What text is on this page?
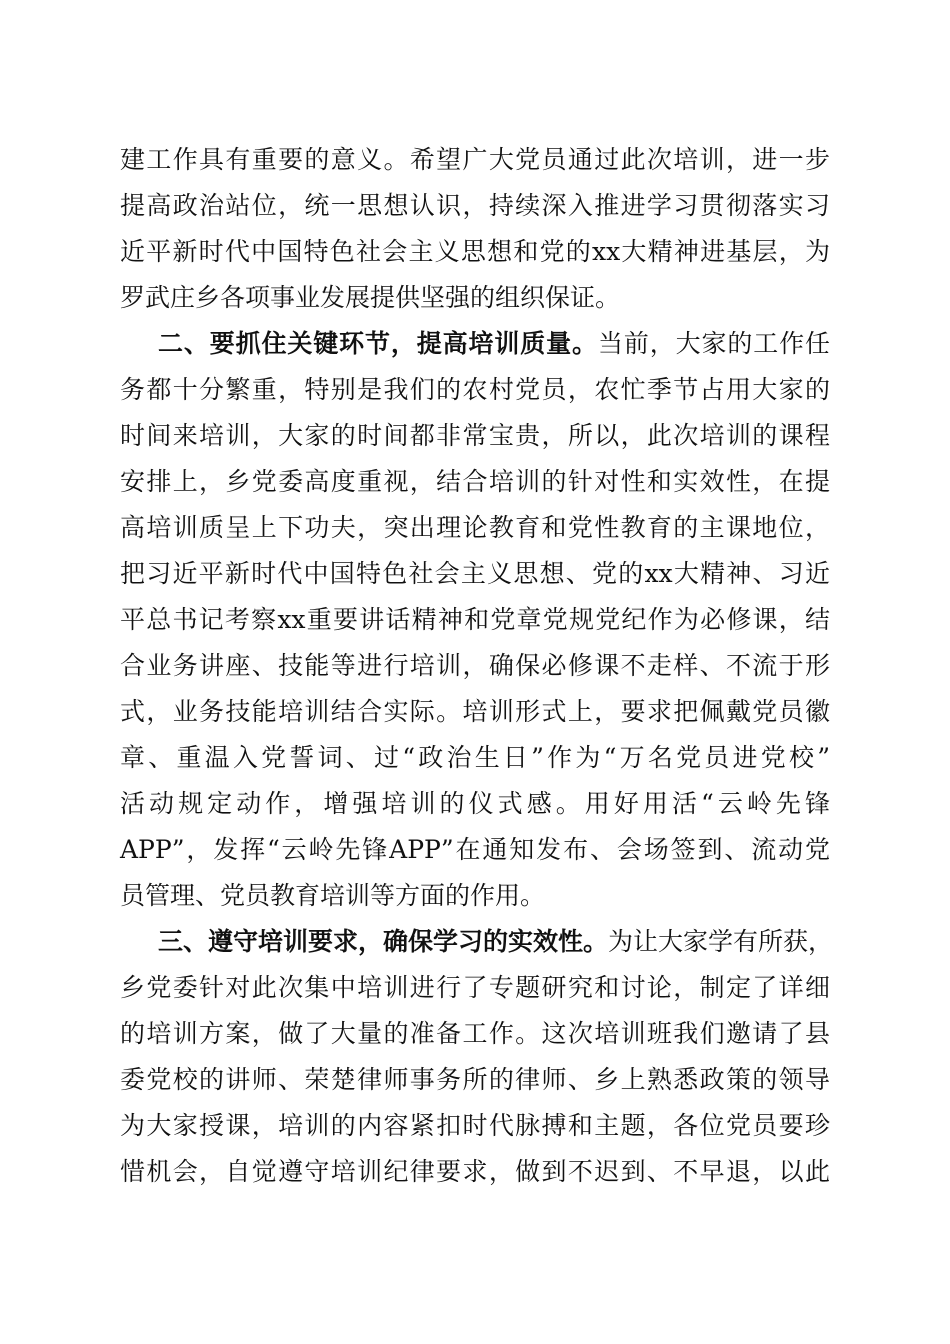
建工作具有重要的意义。希望广大党员通过此次培训，进一步
提高政治站位，统一思想认识，持续深入推进学习贯彻落实习
近平新时代中国特色社会主义思想和党的xx大精神进基层，为
罗武庄乡各项事业发展提供坚强的组织保证。
二、要抓住关键环节，提高培训质量。当前，大家的工作任
务都十分繁重，特别是我们的农村党员，农忙季节占用大家的
时间来培训，大家的时间都非常宝贵，所以，此次培训的课程
安排上，乡党委高度重视，结合培训的针对性和实效性，在提
高培训质呈上下功夫，突出理论教育和党性教育的主课地位，
把习近平新时代中国特色社会主义思想、党的xx大精神、习近
平总书记考察xx重要讲话精神和党章党规党纪作为必修课，结
合业务讲座、技能等进行培训，确保必修课不走样、不流于形
式，业务技能培训结合实际。培训形式上，要求把佩戴党员徽
章、重温入党誓词、过“政治生日”作为“万名党员进党校”
活动规定动作，增强培训的仪式感。用好用活“云岭先锋
APP”，发挥“云岭先锋APP”在通知发布、会场签到、流动党
员管理、党员教育培训等方面的作用。
三、遵守培训要求，确保学习的实效性。为让大家学有所获，
乡党委针对此次集中培训进行了专题研究和讨论，制定了详细
的培训方案，做了大量的准备工作。这次培训班我们邀请了县
委党校的讲师、荣楚律师事务所的律师、乡上熟悉政策的领导
为大家授课，培训的内容紧扣时代脉搏和主题，各位党员要珍
惜机会，自觉遵守培训纪律要求，做到不迟到、不早退，以此
